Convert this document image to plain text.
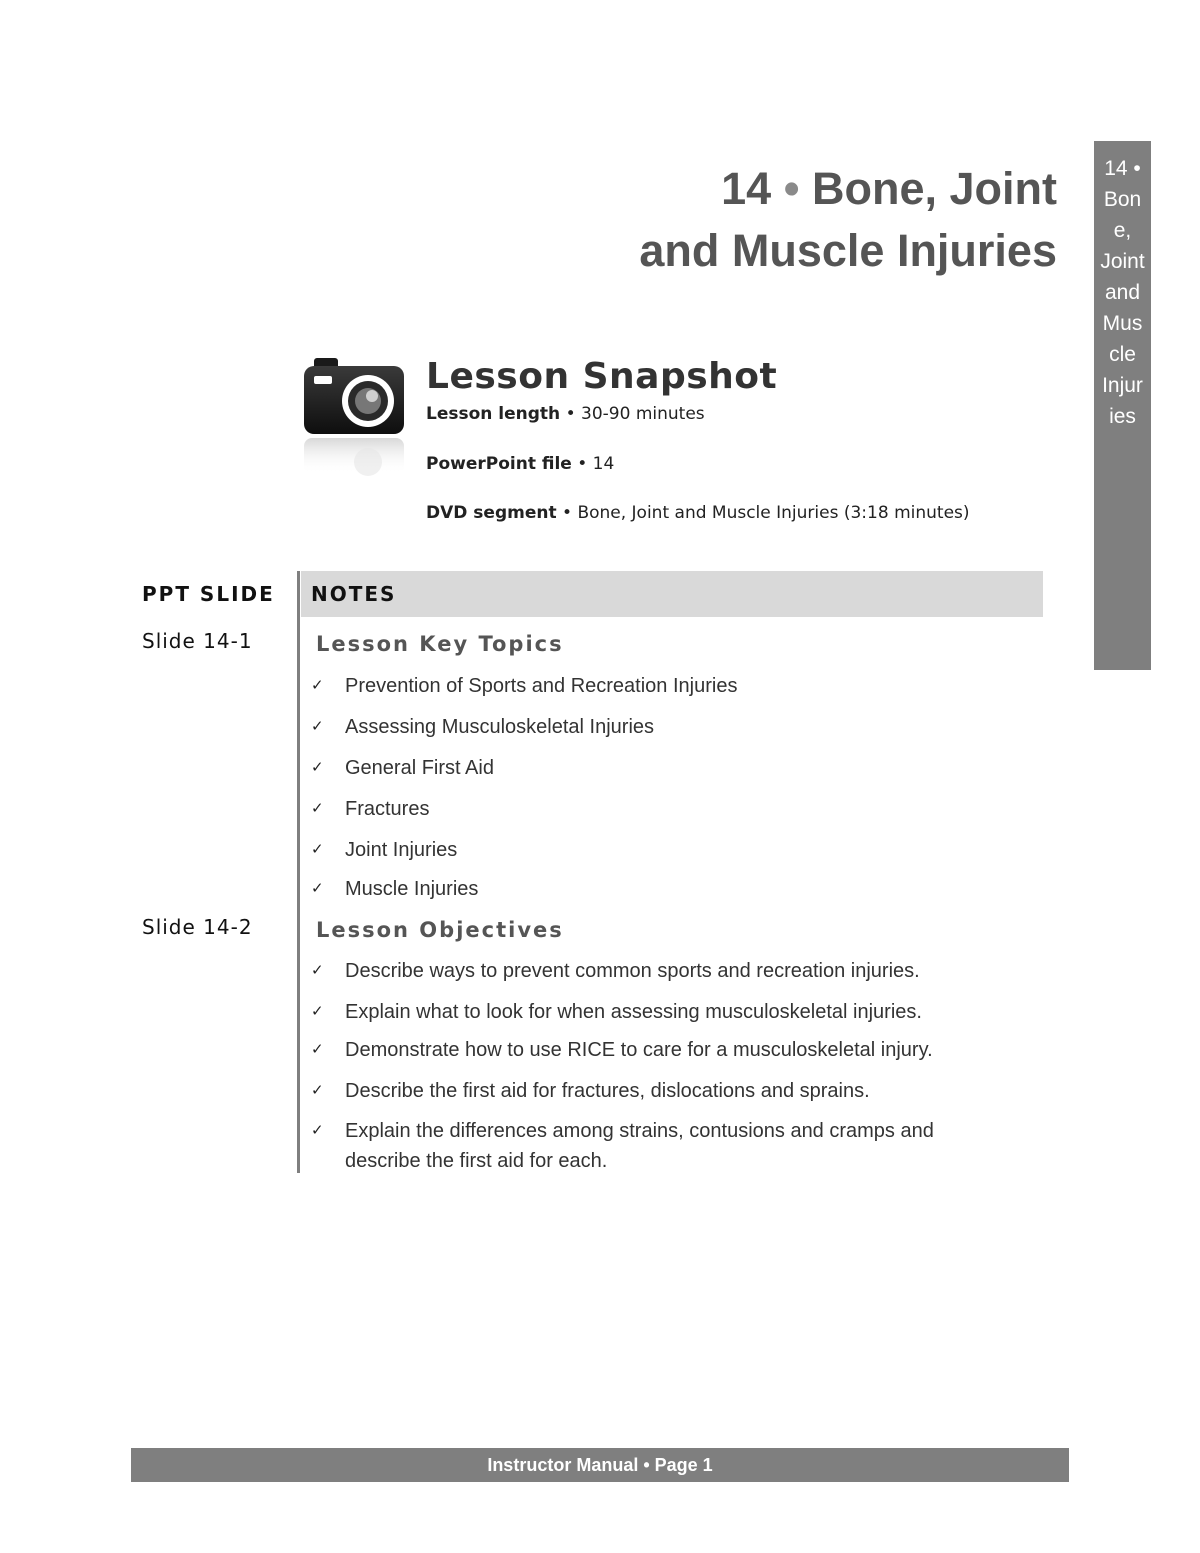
14 • Bone, Joint
and Muscle Injuries
14 •
Bon
e,
Joint
and
Mus
cle
Injur
ies
Lesson Snapshot
Lesson length • 30-90 minutes
PowerPoint file • 14
DVD segment • Bone, Joint and Muscle Injuries (3:18 minutes)
PPT SLIDE NOTES
Slide 14-1	Lesson Key Topics
✓ Prevention of Sports and Recreation Injuries
✓ Assessing Musculoskeletal Injuries
✓ General First Aid
✓ Fractures
✓ Joint Injuries
✓ Muscle Injuries
Slide 14-2	Lesson Objectives
✓ Describe ways to prevent common sports and recreation injuries.
✓ Explain what to look for when assessing musculoskeletal injuries.
✓ Demonstrate how to use RICE to care for a musculoskeletal injury.
✓ Describe the first aid for fractures, dislocations and sprains.
✓ Explain the differences among strains, contusions and cramps and describe the first aid for each.
Instructor Manual • Page 1
